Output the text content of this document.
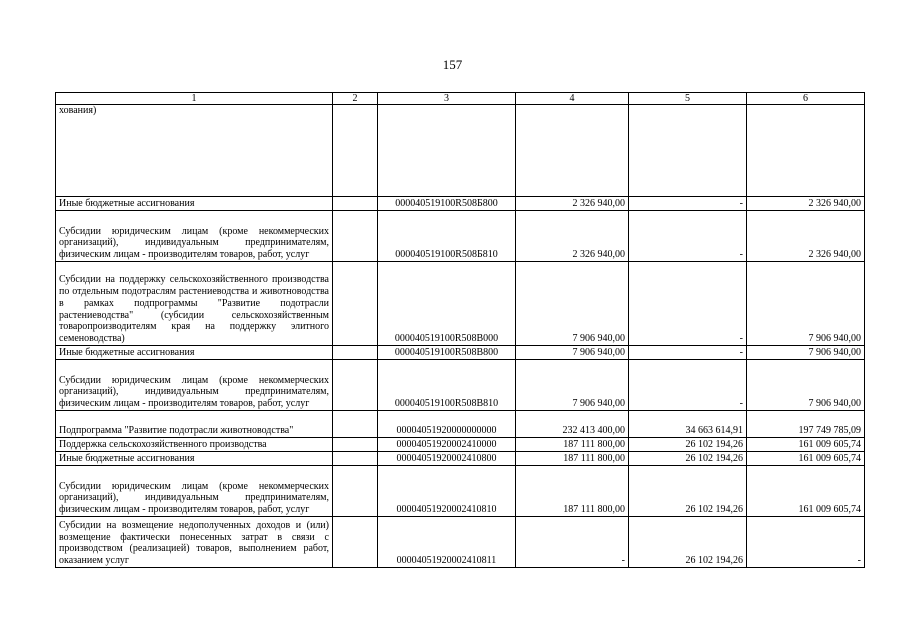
157
1	2	3	4	5	6
хования)					
Иные бюджетные ассигнования		000040519100R508Б800	2 326 940,00	-	2 326 940,00
Субсидии юридическим лицам (кроме некоммерческих организаций), индивидуальным предпринимателям, физическим лицам - производителям товаров, работ, услуг		000040519100R508Б810	2 326 940,00	-	2 326 940,00
Субсидии на поддержку сельскохозяйственного производства по отдельным подотраслям растениеводства и животноводства в рамках подпрограммы "Развитие подотрасли растениеводства" (субсидии сельскохозяйственным товаропроизводителям края на поддержку элитного семеноводства)		000040519100R508В000	7 906 940,00	-	7 906 940,00
Иные бюджетные ассигнования		000040519100R508В800	7 906 940,00	-	7 906 940,00
Субсидии юридическим лицам (кроме некоммерческих организаций), индивидуальным предпринимателям, физическим лицам - производителям товаров, работ, услуг		000040519100R508В810	7 906 940,00	-	7 906 940,00
Подпрограмма "Развитие подотрасли животноводства"		00004051920000000000	232 413 400,00	34 663 614,91	197 749 785,09
Поддержка сельскохозяйственного производства		00004051920002410000	187 111 800,00	26 102 194,26	161 009 605,74
Иные бюджетные ассигнования		00004051920002410800	187 111 800,00	26 102 194,26	161 009 605,74
Субсидии юридическим лицам (кроме некоммерческих организаций), индивидуальным предпринимателям, физическим лицам - производителям товаров, работ, услуг		00004051920002410810	187 111 800,00	26 102 194,26	161 009 605,74
Субсидии на возмещение недополученных доходов и (или) возмещение фактически понесенных затрат в связи с производством (реализацией) товаров, выполнением работ, оказанием услуг		00004051920002410811	-	26 102 194,26	-
